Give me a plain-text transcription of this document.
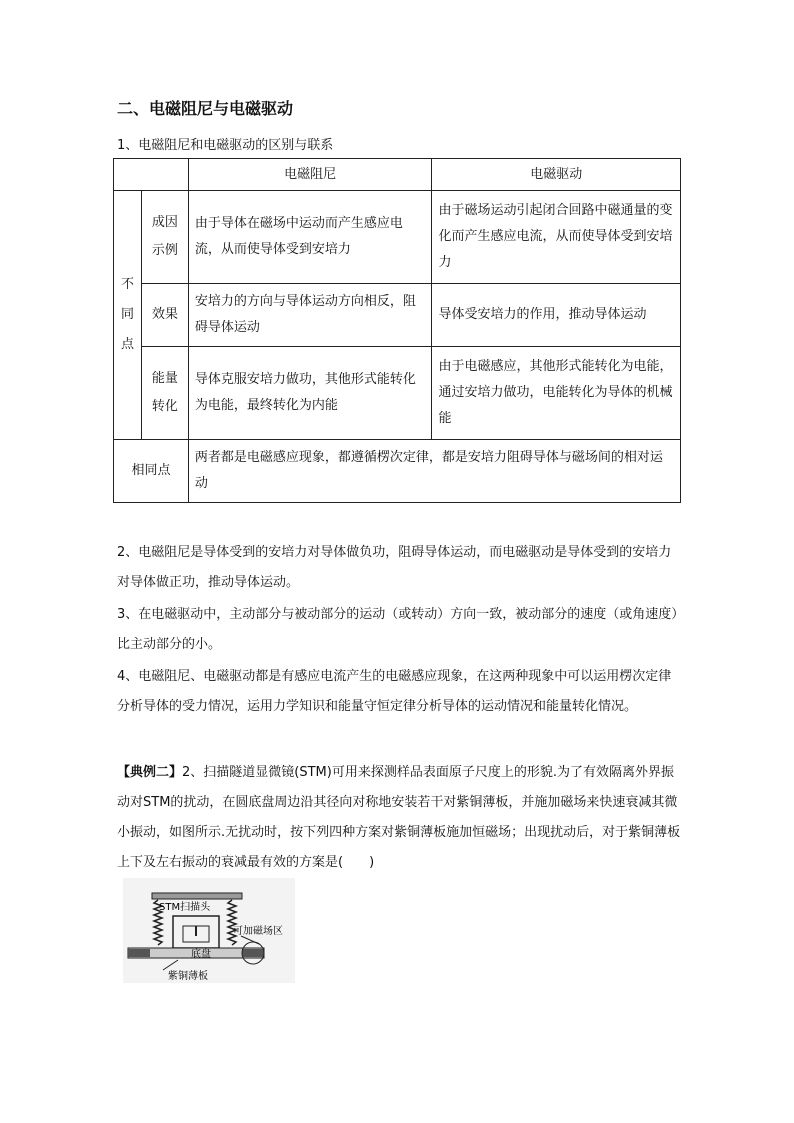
二、电磁阻尼与电磁驱动
1、电磁阻尼和电磁驱动的区别与联系
		电磁阻尼	电磁驱动
不同点	成因示例	由于导体在磁场中运动而产生感应电流，从而使导体受到安培力	由于磁场运动引起闭合回路中磁通量的变化而产生感应电流，从而使导体受到安培力
	效果	安培力的方向与导体运动方向相反，阻碍导体运动	导体受安培力的作用，推动导体运动
	能量转化	导体克服安培力做功，其他形式能转化为电能，最终转化为内能	由于电磁感应，其他形式能转化为电能，通过安培力做功，电能转化为导体的机械能
相同点		两者都是电磁感应现象，都遵循楞次定律，都是安培力阻碍导体与磁场间的相对运动	
2、电磁阻尼是导体受到的安培力对导体做负功，阻碍导体运动，而电磁驱动是导体受到的安培力对导体做正功，推动导体运动。
3、在电磁驱动中，主动部分与被动部分的运动（或转动）方向一致，被动部分的速度（或角速度）比主动部分的小。
4、电磁阻尼、电磁驱动都是有感应电流产生的电磁感应现象，在这两种现象中可以运用楞次定律分析导体的受力情况，运用力学知识和能量守恒定律分析导体的运动情况和能量转化情况。
【典例二】2、扫描隧道显微镜(STM)可用来探测样品表面原子尺度上的形貌.为了有效隔离外界振动对STM的扰动，在圆底盘周边沿其径向对称地安装若干对紫铜薄板，并施加磁场来快速衰减其微小振动，如图所示.无扰动时，按下列四种方案对紫铜薄板施加恒磁场；出现扰动后，对于紫铜薄板上下及左右振动的衰减最有效的方案是(　　)
STM扫描头
可加磁场区
底盘
紫铜薄板
